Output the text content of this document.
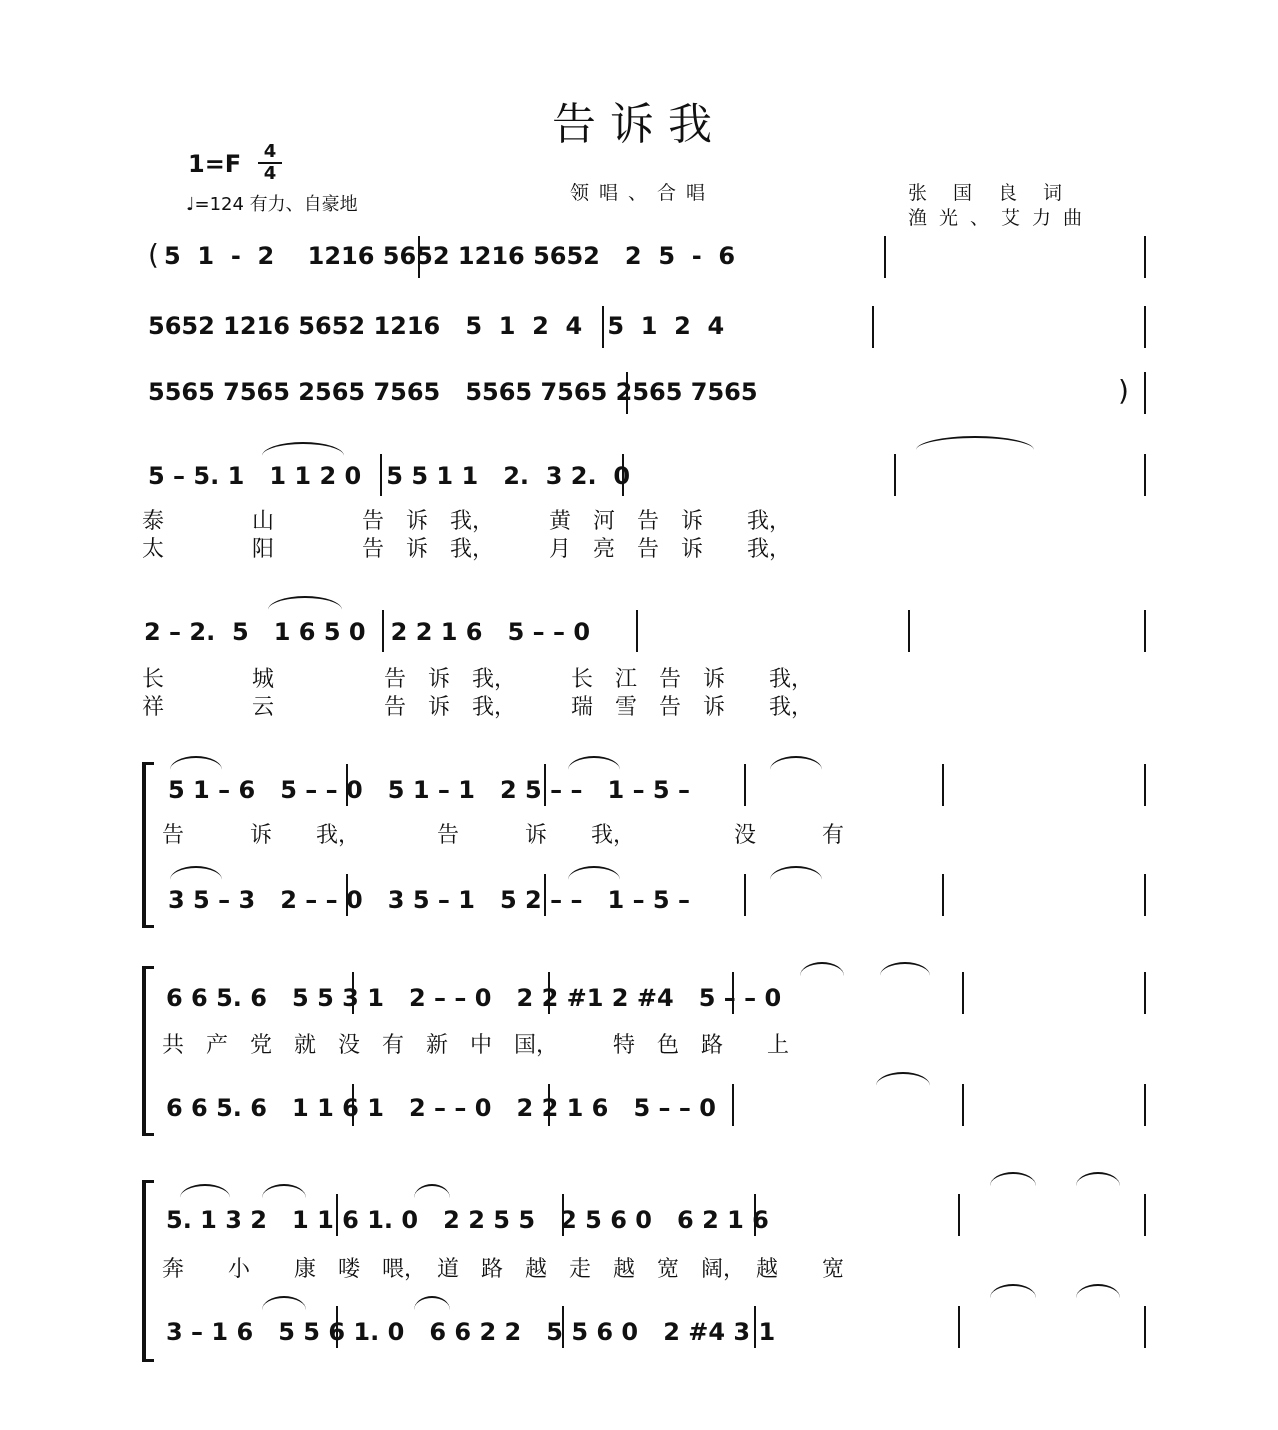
告诉我
$1=F \frac{4}{4}$
♩=124 有力、自豪地
领唱、合唱	张国良词
渔光、艾力曲
( 5  1  -  2    1216 5652 1216 5652   2  5  -  6
5652 1216 5652 1216   5  1  2  4   5  1  2  4
5565 7565 2565 7565   5565 7565 2565 7565	)
5 – 5. 1   1 1 2 0   5 5 1 1   2.  3 2.  0
泰　　　　山　　　　告　诉　我，　　　黄　河　告　诉　　我，
太　　　　阳　　　　告　诉　我，　　　月　亮　告　诉　　我，
2 – 2.  5   1 6 5 0   2 2 1 6   5 – – 0
长　　　　城　　　　　告　诉　我，　　　长　江　告　诉　　我，
祥　　　　云　　　　　告　诉　我，　　　瑞　雪　告　诉　　我，
5 1 – 6   5 – – 0   5 1 – 1   2 5 – –   1 – 5 –
告　　　诉　　我，　　　　告　　　诉　　我，　　　　　没　　　有
3 5 – 3   2 – – 0   3 5 – 1   5 2 – –   1 – 5 –
6 6 5. 6   5 5 3 1   2 – – 0   2 2 #1 2 #4   5 – – 0
共　产　党　就　没　有　新　中　国，　　　特　色　路　　上
6 6 5. 6   1 1 6 1   2 – – 0   2 2 1 6   5 – – 0
5. 1 3 2   1 1 6 1. 0   2 2 5 5   2 5 6 0   6 2 1 6
奔　　小　　康　喽　喂，　道　路　越　走　越　宽　阔，　越　　宽
3 – 1 6   5 5 6 1. 0   6 6 2 2   5 5 6 0   2 #4 3 1
